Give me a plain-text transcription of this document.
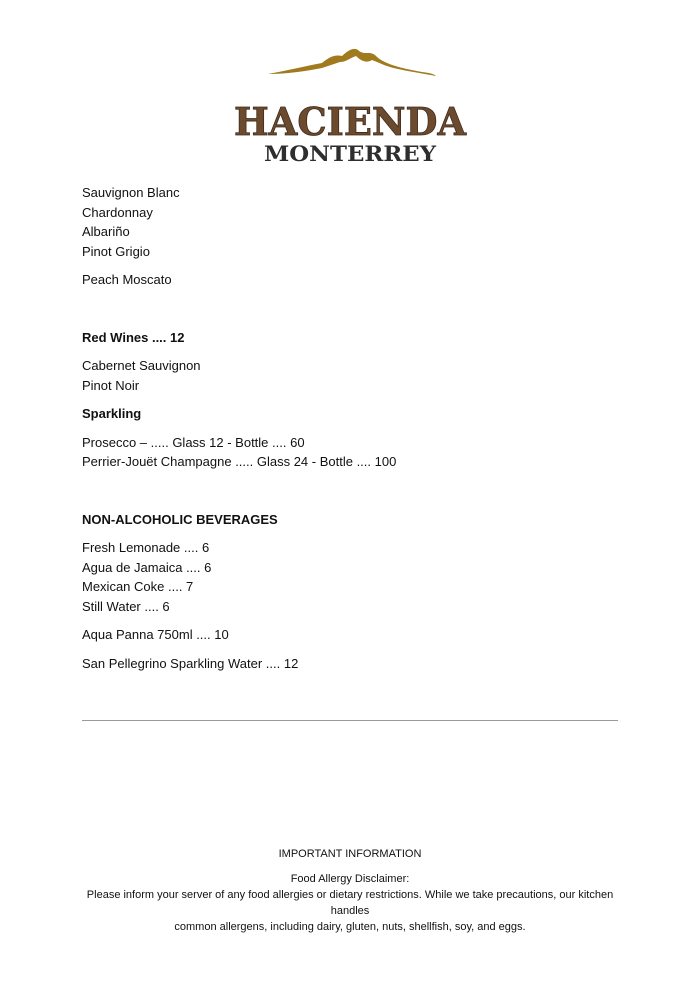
HACIENDA
MONTERREY

Sauvignon Blanc

Chardonnay

Albariño

Pinot Grigio

Peach Moscato

Red Wines .... 12

Cabernet Sauvignon

Pinot Noir

Sparkling

Prosecco – ..... Glass 12 - Bottle .... 60

Perrier-Jouët Champagne ..... Glass 24 - Bottle .... 100

NON-ALCOHOLIC BEVERAGES

Fresh Lemonade .... 6

Agua de Jamaica .... 6

Mexican Coke .... 7

Still Water .... 6

Aqua Panna 750ml .... 10

San Pellegrino Sparkling Water .... 12

IMPORTANT INFORMATION

Food Allergy Disclaimer:

Please inform your server of any food allergies or dietary restrictions. While we take precautions, our kitchen handles

common allergens, including dairy, gluten, nuts, shellfish, soy, and eggs.
